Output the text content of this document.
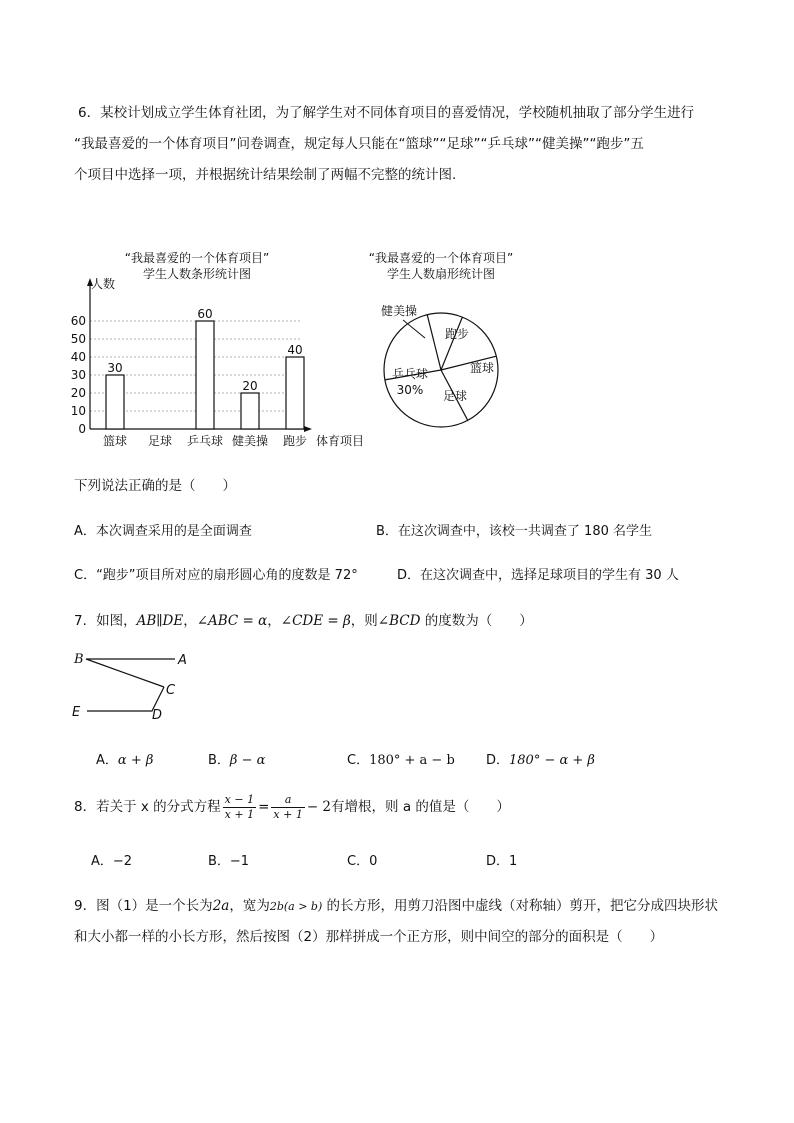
6．某校计划成立学生体育社团，为了解学生对不同体育项目的喜爱情况，学校随机抽取了部分学生进行
“我最喜爱的一个体育项目”问卷调查，规定每人只能在“篮球”“足球”“乒乓球”“健美操”“跑步”五
个项目中选择一项，并根据统计结果绘制了两幅不完整的统计图.
“我最喜爱的一个体育项目”
学生人数条形统计图
“我最喜爱的一个体育项目”
学生人数扇形统计图
0
10
20
30
40
50
60
人数
体育项目
篮球
30
足球 乒乓球
60
健美操
20
跑步
40
健美操
跑步
篮球
足球
乒乓球
30%
下列说法正确的是（　　）
A．本次调查采用的是全面调查	B．在这次调查中，该校一共调查了 180 名学生
C．“跑步”项目所对应的扇形圆心角的度数是 72°	D．在这次调查中，选择足球项目的学生有 30 人
7．如图，AB∥DE，∠ABC = α，∠CDE = β，则∠BCD 的度数为（　　）
B	A
C
E	D
A．α + β	B．β − α	C．180° + a − b D．180° − α + β
8．若关于 x 的分式方程 $\frac{x - 1}{x + 1} = \frac{a}{x + 1} - 2$有增根，则 a 的值是（　　）
A．−2	B．−1	C．0	D．1
9．图（1）是一个长为2a，宽为2b(a > b) 的长方形，用剪刀沿图中虚线（对称轴）剪开，把它分成四块形状
和大小都一样的小长方形，然后按图（2）那样拼成一个正方形，则中间空的部分的面积是（　　）
